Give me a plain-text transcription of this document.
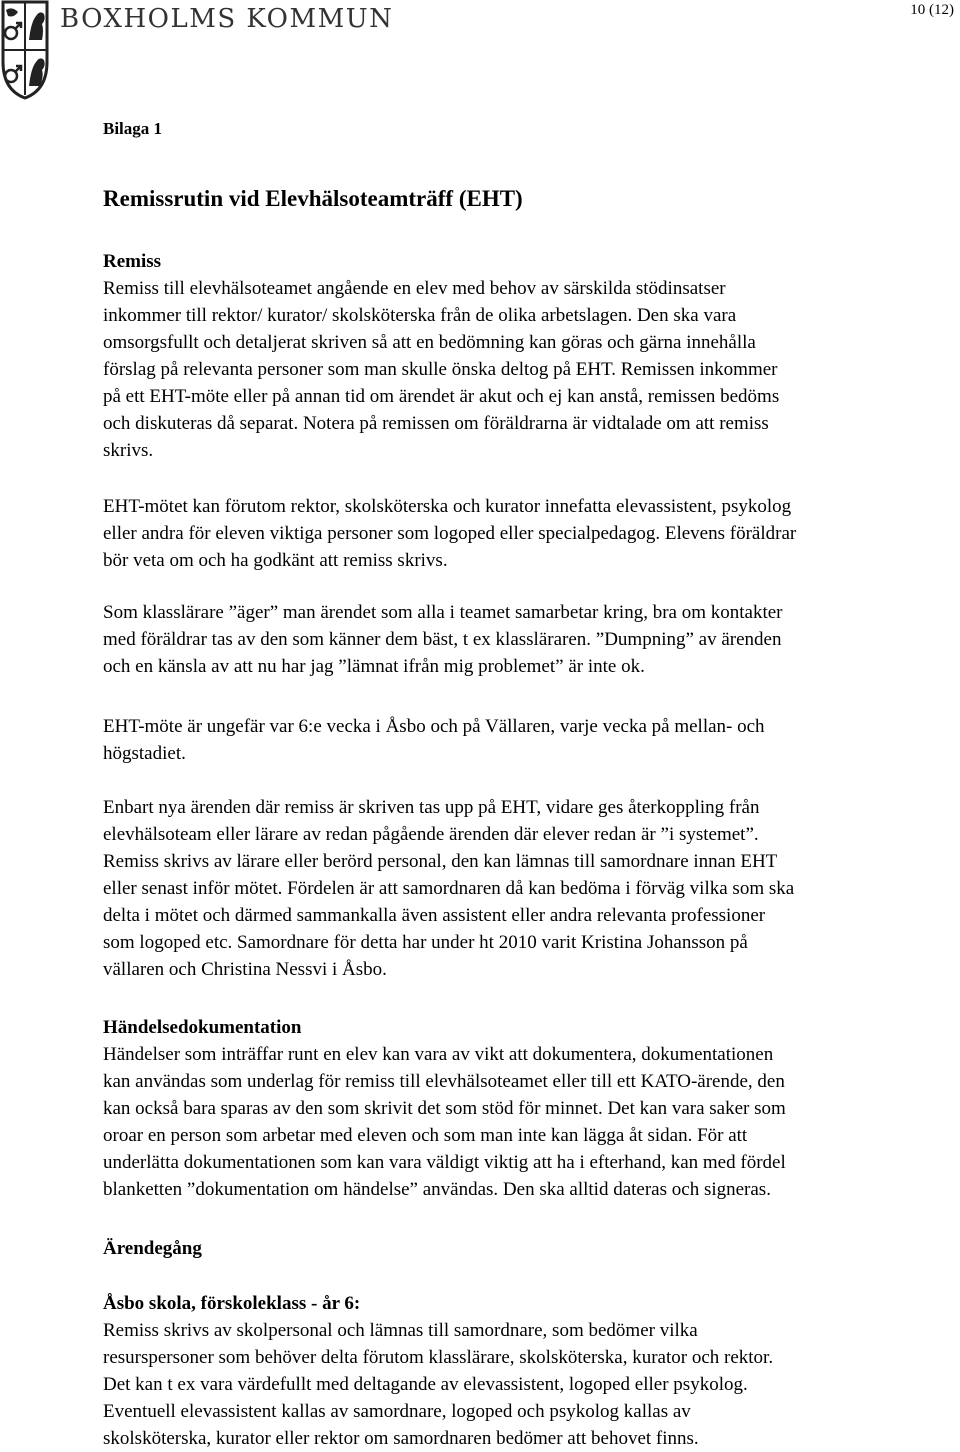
BOXHOLMS KOMMUN	10 (12)
Bilaga 1
Remissrutin vid Elevhälsoteamträff (EHT)

Remiss

Remiss till elevhälsoteamet angående en elev med behov av särskilda stödinsatser
inkommer till rektor/ kurator/ skolsköterska från de olika arbetslagen. Den ska vara
omsorgsfullt och detaljerat skriven så att en bedömning kan göras och gärna innehålla
förslag på relevanta personer som man skulle önska deltog på EHT. Remissen inkommer
på ett EHT-möte eller på annan tid om ärendet är akut och ej kan anstå, remissen bedöms
och diskuteras då separat. Notera på remissen om föräldrarna är vidtalade om att remiss
skrivs.

EHT-mötet kan förutom rektor, skolsköterska och kurator innefatta elevassistent, psykolog
eller andra för eleven viktiga personer som logoped eller specialpedagog. Elevens föräldrar
bör veta om och ha godkänt att remiss skrivs.

Som klasslärare ”äger” man ärendet som alla i teamet samarbetar kring, bra om kontakter
med föräldrar tas av den som känner dem bäst, t ex klassläraren. ”Dumpning” av ärenden
och en känsla av att nu har jag ”lämnat ifrån mig problemet” är inte ok.

EHT-möte är ungefär var 6:e vecka i Åsbo och på Vällaren, varje vecka på mellan- och
högstadiet.

Enbart nya ärenden där remiss är skriven tas upp på EHT, vidare ges återkoppling från
elevhälsoteam eller lärare av redan pågående ärenden där elever redan är ”i systemet”.
Remiss skrivs av lärare eller berörd personal, den kan lämnas till samordnare innan EHT
eller senast inför mötet. Fördelen är att samordnaren då kan bedöma i förväg vilka som ska
delta i mötet och därmed sammankalla även assistent eller andra relevanta professioner
som logoped etc. Samordnare för detta har under ht 2010 varit Kristina Johansson på
vällaren och Christina Nessvi i Åsbo.

Händelsedokumentation

Händelser som inträffar runt en elev kan vara av vikt att dokumentera, dokumentationen
kan användas som underlag för remiss till elevhälsoteamet eller till ett KATO-ärende, den
kan också bara sparas av den som skrivit det som stöd för minnet. Det kan vara saker som
oroar en person som arbetar med eleven och som man inte kan lägga åt sidan. För att
underlätta dokumentationen som kan vara väldigt viktig att ha i efterhand, kan med fördel
blanketten ”dokumentation om händelse” användas. Den ska alltid dateras och signeras.

Ärendegång

Åsbo skola, förskoleklass - år 6:

Remiss skrivs av skolpersonal och lämnas till samordnare, som bedömer vilka
resurspersoner som behöver delta förutom klasslärare, skolsköterska, kurator och rektor.
Det kan t ex vara värdefullt med deltagande av elevassistent, logoped eller psykolog.
Eventuell elevassistent kallas av samordnare, logoped och psykolog kallas av
skolsköterska, kurator eller rektor om samordnaren bedömer att behovet finns.
